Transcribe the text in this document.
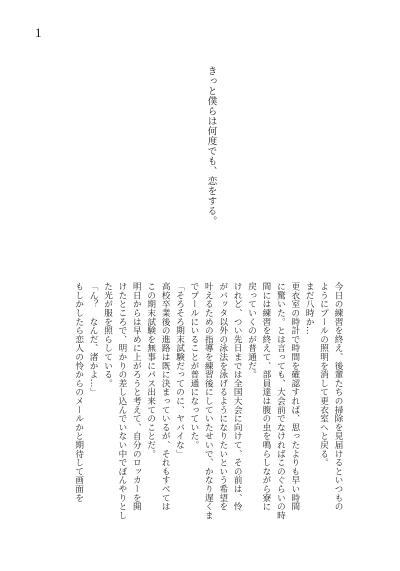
1
きっと僕らは何度でも、恋をする。

今日の練習を終え、後輩たちの掃除を見届けるといつもの

ようにプールの照明を消して更衣室へと戻る。

まだ八時か…

更衣室の時計で時間を確認すれば、思ったよりも早い時間

に驚いた。とは言っても、大会前でなければこのぐらいの時

間には練習を終えて、部員達は腹の虫を鳴らしながら寮に

戻っていくのが普通だ。

けれど、つい先日までは全国大会に向けて、その前は、怜

がバッタ以外の泳法を泳げるようになりたいという希望を

叶えるための指導を練習後にしていたせいで、かなり遅くま

でプールにいることが普通になっていた。

「そろそろ期末試験だってのに、ヤバイな」

高校卒業後の進路は既に決まっているが、それもすべては

この期末試験を無事にパス出来てのことだ。

明日からは早めに上がろうと考えて、自分のロッカーを開

けたところで、明かりの差し込んでいない中でぼんやりとし

た光が服を照らしている。

「ん？　なんだ、渚かよ…」

もしかしたら恋人の怜からのメールかと期待して画面を
